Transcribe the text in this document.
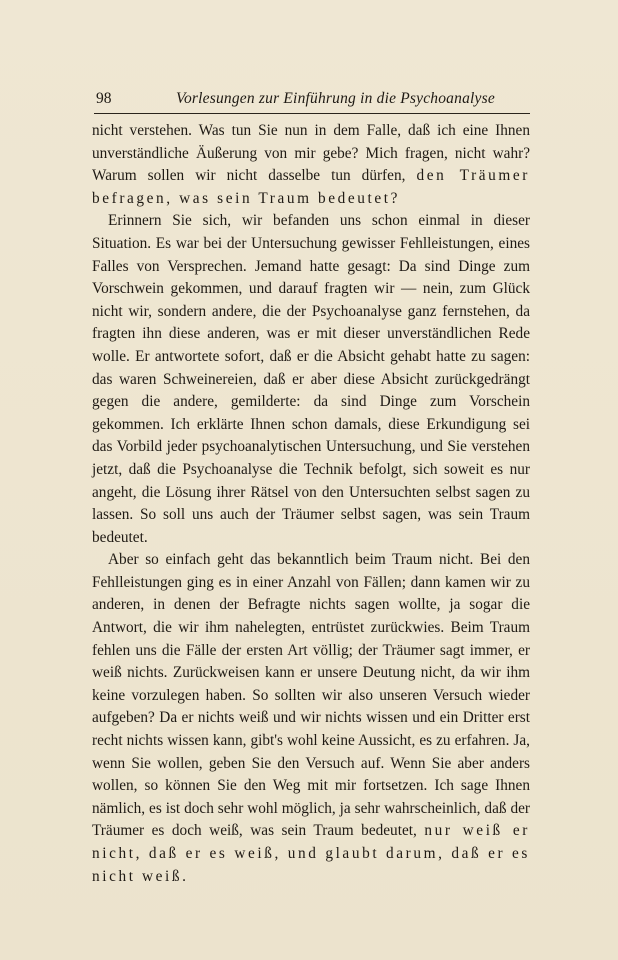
98	Vorlesungen zur Einführung in die Psychoanalyse

nicht verstehen. Was tun Sie nun in dem Falle, daß ich eine Ihnen unverständliche Äußerung von mir gebe? Mich fragen, nicht wahr? Warum sollen wir nicht dasselbe tun dürfen, den Träumer befragen, was sein Traum bedeutet?

Erinnern Sie sich, wir befanden uns schon einmal in dieser Situation. Es war bei der Untersuchung gewisser Fehlleistungen, eines Falles von Versprechen. Jemand hatte gesagt: Da sind Dinge zum Vorschwein gekommen, und darauf fragten wir — nein, zum Glück nicht wir, sondern andere, die der Psychoanalyse ganz fernstehen, da fragten ihn diese anderen, was er mit dieser unverständlichen Rede wolle. Er antwortete sofort, daß er die Absicht gehabt hatte zu sagen: das waren Schweinereien, daß er aber diese Absicht zurückgedrängt gegen die andere, gemilderte: da sind Dinge zum Vorschein gekommen. Ich erklärte Ihnen schon damals, diese Erkundigung sei das Vorbild jeder psychoanalytischen Untersuchung, und Sie verstehen jetzt, daß die Psychoanalyse die Technik befolgt, sich soweit es nur angeht, die Lösung ihrer Rätsel von den Untersuchten selbst sagen zu lassen. So soll uns auch der Träumer selbst sagen, was sein Traum bedeutet.

Aber so einfach geht das bekanntlich beim Traum nicht. Bei den Fehlleistungen ging es in einer Anzahl von Fällen; dann kamen wir zu anderen, in denen der Befragte nichts sagen wollte, ja sogar die Antwort, die wir ihm nahelegten, entrüstet zurückwies. Beim Traum fehlen uns die Fälle der ersten Art völlig; der Träumer sagt immer, er weiß nichts. Zurückweisen kann er unsere Deutung nicht, da wir ihm keine vorzulegen haben. So sollten wir also unseren Versuch wieder aufgeben? Da er nichts weiß und wir nichts wissen und ein Dritter erst recht nichts wissen kann, gibt's wohl keine Aussicht, es zu erfahren. Ja, wenn Sie wollen, geben Sie den Versuch auf. Wenn Sie aber anders wollen, so können Sie den Weg mit mir fortsetzen. Ich sage Ihnen nämlich, es ist doch sehr wohl möglich, ja sehr wahrscheinlich, daß der Träumer es doch weiß, was sein Traum bedeutet, nur weiß er nicht, daß er es weiß, und glaubt darum, daß er es nicht weiß.
